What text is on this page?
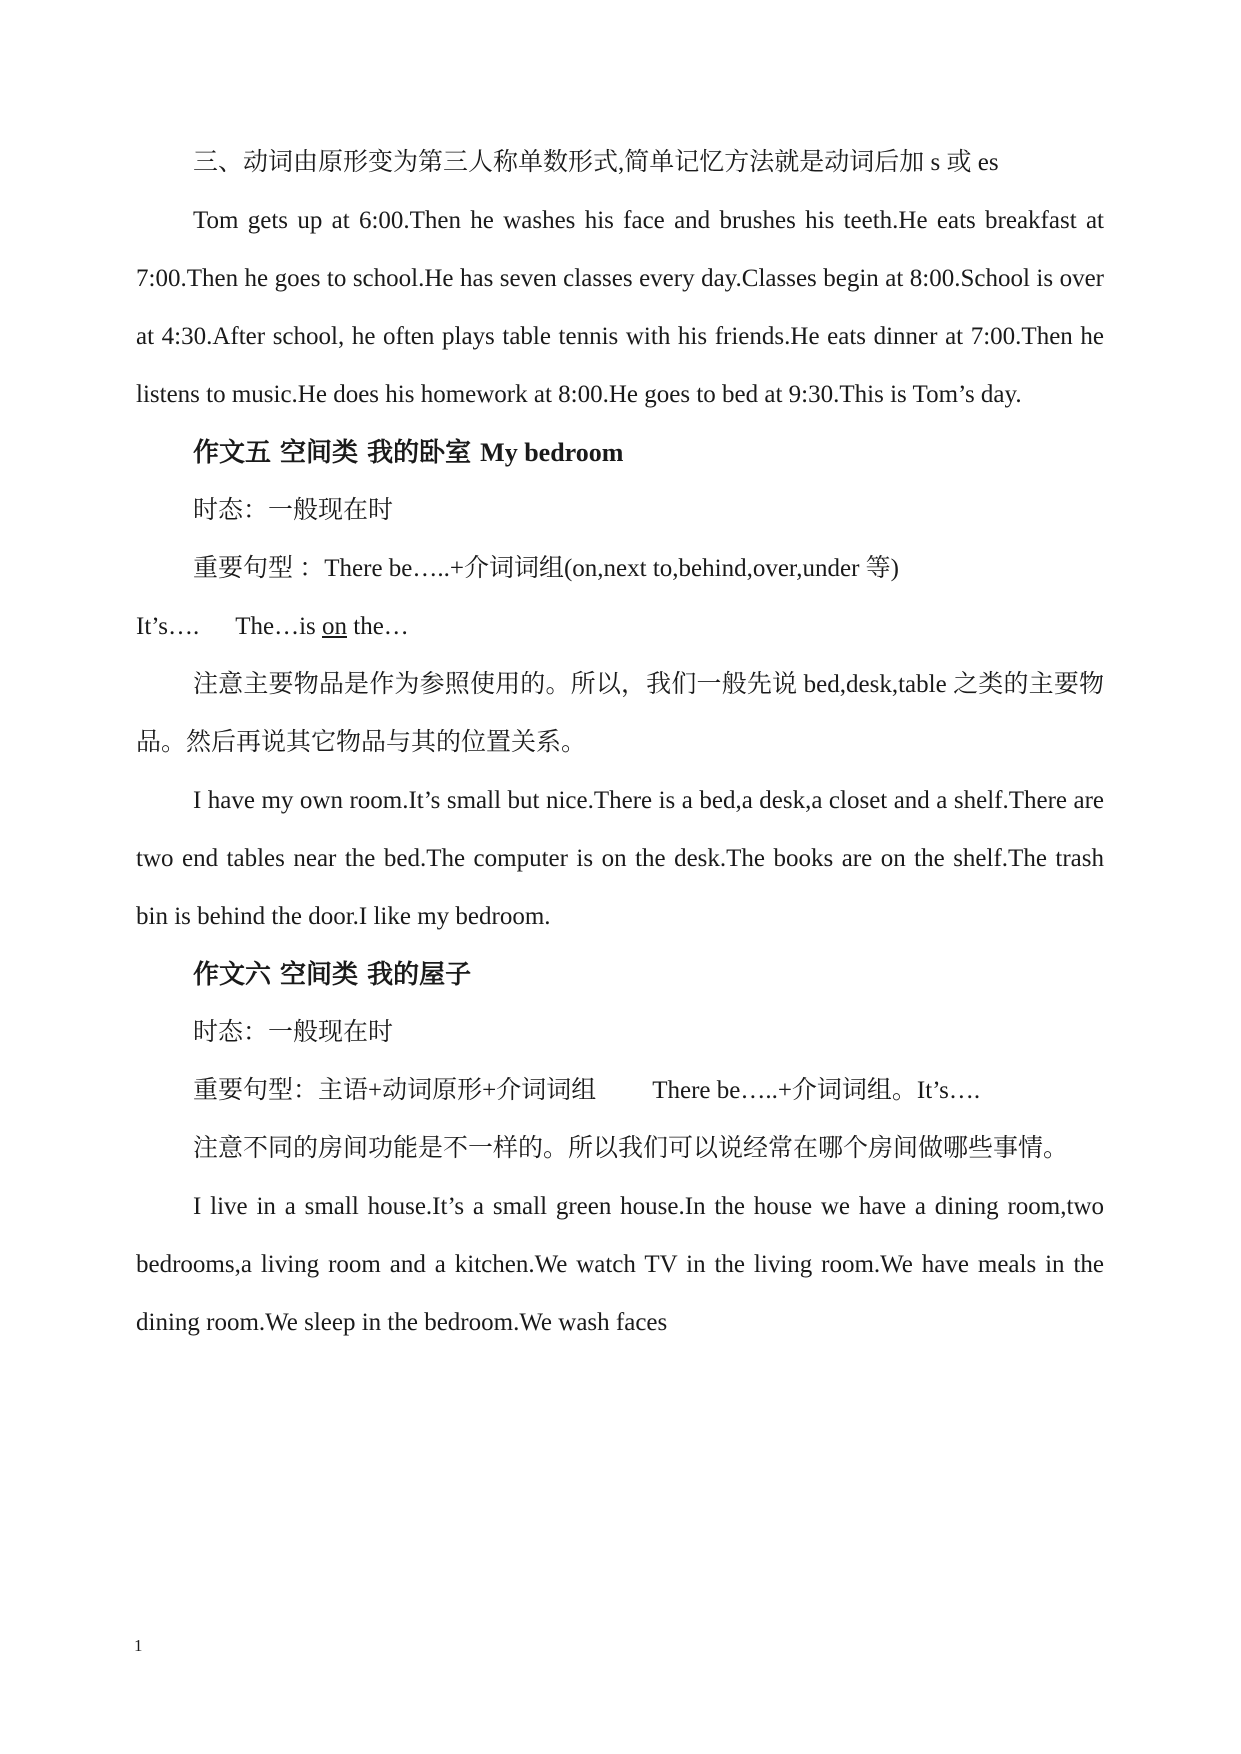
三、动词由原形变为第三人称单数形式,简单记忆方法就是动词后加 s 或 es

Tom gets up at 6:00.Then he washes his face and brushes his teeth.He eats breakfast at 7:00.Then he goes to school.He has seven classes every day.Classes begin at 8:00.School is over at 4:30.After school, he often plays table tennis with his friends.He eats dinner at 7:00.Then he listens to music.He does his homework at 8:00.He goes to bed at 9:30.This is Tom’s day.

作文五 空间类 我的卧室 My bedroom

时态：一般现在时

重要句型 ：There be…..+介词词组(on,next to,behind,over,under 等)

It’s…. The…is on the…

注意主要物品是作为参照使用的。所以，我们一般先说 bed,desk,table 之类的主要物品。然后再说其它物品与其的位置关系。

I have my own room.It’s small but nice.There is a bed,a desk,a closet and a shelf.There are two end tables near the bed.The computer is on the desk.The books are on the shelf.The trash bin is behind the door.I like my bedroom.

作文六 空间类 我的屋子

时态：一般现在时

重要句型：主语+动词原形+介词词组 There be…..+介词词组。It’s….

注意不同的房间功能是不一样的。所以我们可以说经常在哪个房间做哪些事情。

I live in a small house.It’s a small green house.In the house we have a dining room,two bedrooms,a living room and a kitchen.We watch TV in the living room.We have meals in the dining room.We sleep in the bedroom.We wash faces

1
